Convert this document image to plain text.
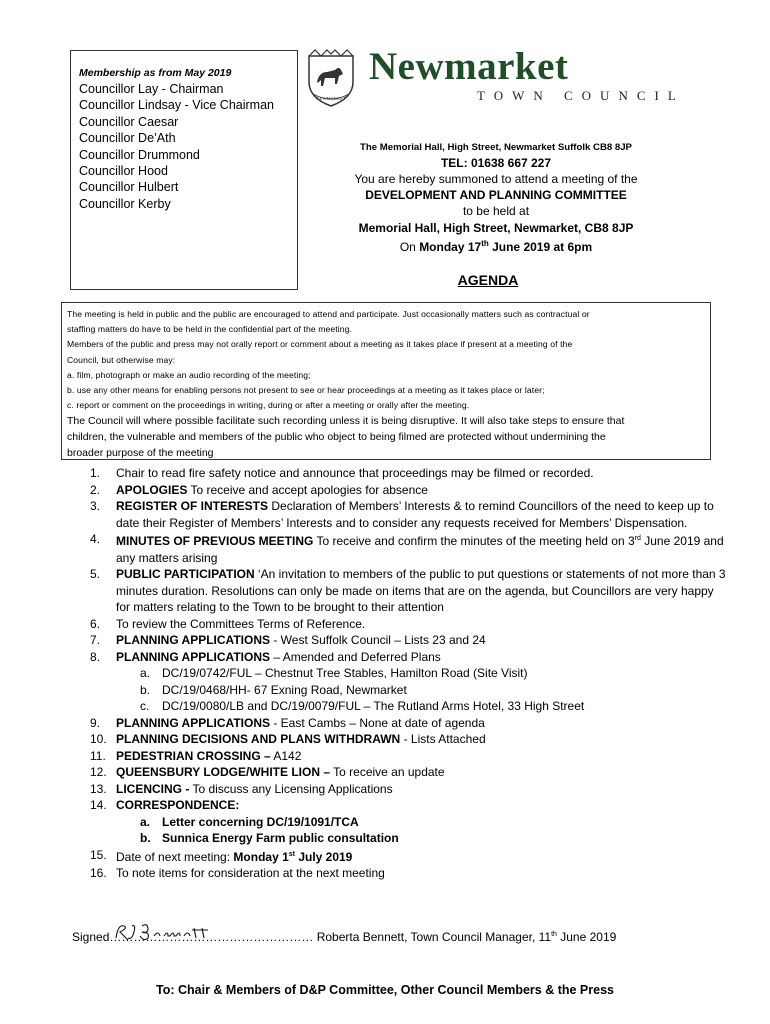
Membership as from May 2019
Councillor Lay - Chairman
Councillor Lindsay - Vice Chairman
Councillor Caesar
Councillor De’Ath
Councillor Drummond
Councillor Hood
Councillor Hulbert
Councillor Kerby
NEWMARKET
Newmarket
TOWN COUNCIL
The Memorial Hall, High Street, Newmarket Suffolk CB8 8JP
TEL: 01638 667 227
You are hereby summoned to attend a meeting of the
DEVELOPMENT AND PLANNING COMMITTEE
to be held at
Memorial Hall, High Street, Newmarket, CB8 8JP
On Monday 17th June 2019 at 6pm
AGENDA
The meeting is held in public and the public are encouraged to attend and participate. Just occasionally matters such as contractual or
staffing matters do have to be held in the confidential part of the meeting.
Members of the public and press may not orally report or comment about a meeting as it takes place if present at a meeting of the
Council, but otherwise may:
a. film, photograph or make an audio recording of the meeting;
b. use any other means for enabling persons not present to see or hear proceedings at a meeting as it takes place or later;
c. report or comment on the proceedings in writing, during or after a meeting or orally after the meeting.
The Council will where possible facilitate such recording unless it is being disruptive. It will also take steps to ensure that
children, the vulnerable and members of the public who object to being filmed are protected without undermining the
broader purpose of the meeting
1.	Chair to read fire safety notice and announce that proceedings may be filmed or recorded.
2.	APOLOGIES To receive and accept apologies for absence
3.	REGISTER OF INTERESTS Declaration of Members’ Interests & to remind Councillors of the need to keep up to date their Register of Members’ Interests and to consider any requests received for Members’ Dispensation.
4.	MINUTES OF PREVIOUS MEETING To receive and confirm the minutes of the meeting held on 3rd June 2019 and any matters arising
5.	PUBLIC PARTICIPATION ‘An invitation to members of the public to put questions or statements of not more than 3 minutes duration. Resolutions can only be made on items that are on the agenda, but Councillors are very happy for matters relating to the Town to be brought to their attention
6.	To review the Committees Terms of Reference.
7.	PLANNING APPLICATIONS - West Suffolk Council – Lists 23 and 24
8.	PLANNING APPLICATIONS – Amended and Deferred Plans
a. DC/19/0742/FUL – Chestnut Tree Stables, Hamilton Road (Site Visit)
b. DC/19/0468/HH- 67 Exning Road, Newmarket
c. DC/19/0080/LB and DC/19/0079/FUL – The Rutland Arms Hotel, 33 High Street
9.	PLANNING APPLICATIONS - East Cambs – None at date of agenda
10. PLANNING DECISIONS AND PLANS WITHDRAWN - Lists Attached
11. PEDESTRIAN CROSSING – A142
12. QUEENSBURY LODGE/WHITE LION – To receive an update
13. LICENCING - To discuss any Licensing Applications
14. CORRESPONDENCE:
a. Letter concerning DC/19/1091/TCA
b. Sunnica Energy Farm public consultation
15. Date of next meeting: Monday 1st July 2019
16. To note items for consideration at the next meeting
Signed…………………………………………… Roberta Bennett, Town Council Manager, 11th June 2019
To: Chair & Members of D&P Committee, Other Council Members & the Press
